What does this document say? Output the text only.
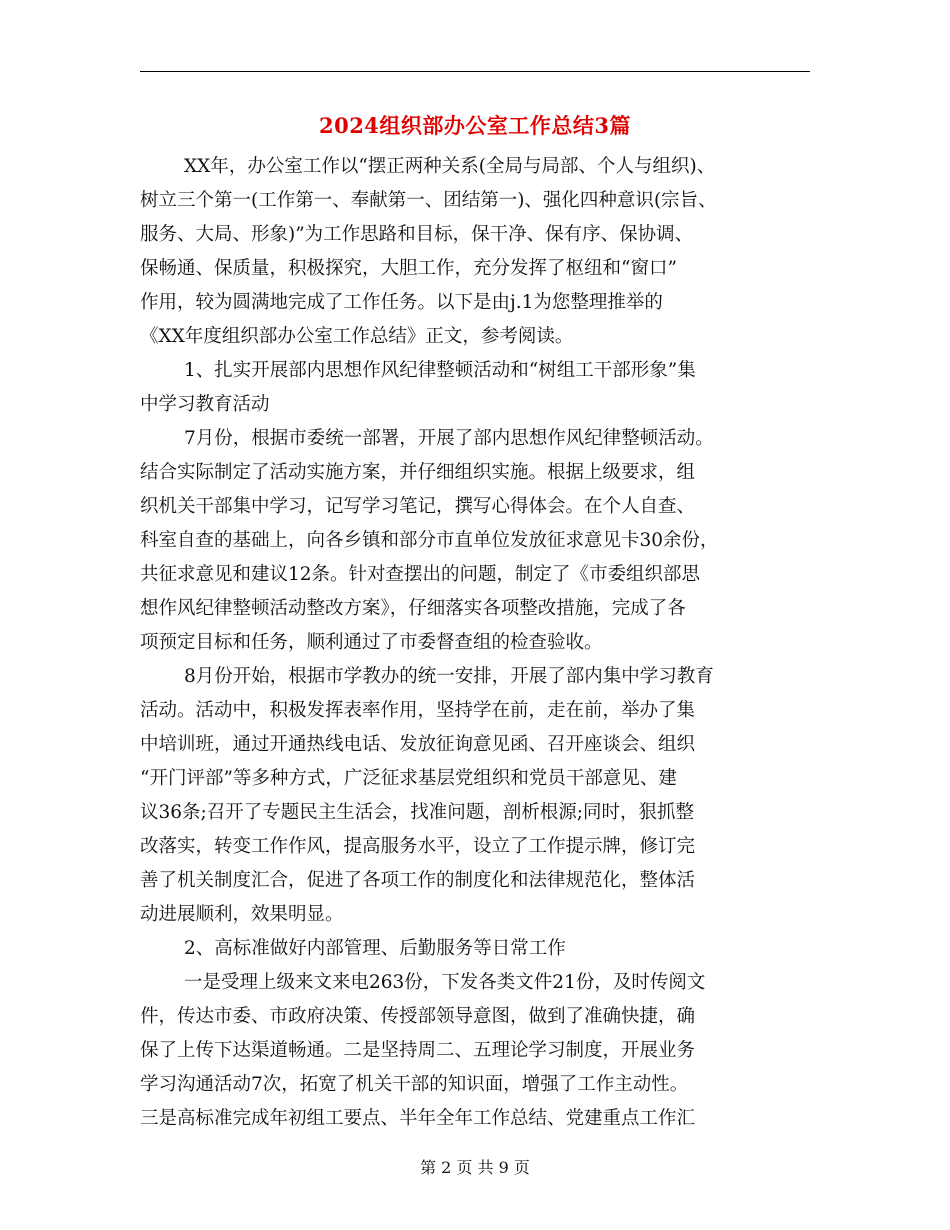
2024组织部办公室工作总结3篇
XX年，办公室工作以“摆正两种关系(全局与局部、个人与组织)、
树立三个第一(工作第一、奉献第一、团结第一)、强化四种意识(宗旨、
服务、大局、形象)”为工作思路和目标，保干净、保有序、保协调、
保畅通、保质量，积极探究，大胆工作，充分发挥了枢纽和“窗口”
作用，较为圆满地完成了工作任务。以下是由j.1为您整理推举的
《XX年度组织部办公室工作总结》正文，参考阅读。
1、扎实开展部内思想作风纪律整顿活动和“树组工干部形象”集
中学习教育活动
7月份，根据市委统一部署，开展了部内思想作风纪律整顿活动。
结合实际制定了活动实施方案，并仔细组织实施。根据上级要求，组
织机关干部集中学习，记写学习笔记，撰写心得体会。在个人自查、
科室自查的基础上，向各乡镇和部分市直单位发放征求意见卡30余份，
共征求意见和建议12条。针对查摆出的问题，制定了《市委组织部思
想作风纪律整顿活动整改方案》，仔细落实各项整改措施，完成了各
项预定目标和任务，顺利通过了市委督查组的检查验收。
8月份开始，根据市学教办的统一安排，开展了部内集中学习教育
活动。活动中，积极发挥表率作用，坚持学在前，走在前，举办了集
中培训班，通过开通热线电话、发放征询意见函、召开座谈会、组织
“开门评部”等多种方式，广泛征求基层党组织和党员干部意见、建
议36条;召开了专题民主生活会，找准问题，剖析根源;同时，狠抓整
改落实，转变工作作风，提高服务水平，设立了工作提示牌，修订完
善了机关制度汇合，促进了各项工作的制度化和法律规范化，整体活
动进展顺利，效果明显。
2、高标准做好内部管理、后勤服务等日常工作
一是受理上级来文来电263份，下发各类文件21份，及时传阅文
件，传达市委、市政府决策、传授部领导意图，做到了准确快捷，确
保了上传下达渠道畅通。二是坚持周二、五理论学习制度，开展业务
学习沟通活动7次，拓宽了机关干部的知识面，增强了工作主动性。
三是高标准完成年初组工要点、半年全年工作总结、党建重点工作汇
第 2 页 共 9 页
